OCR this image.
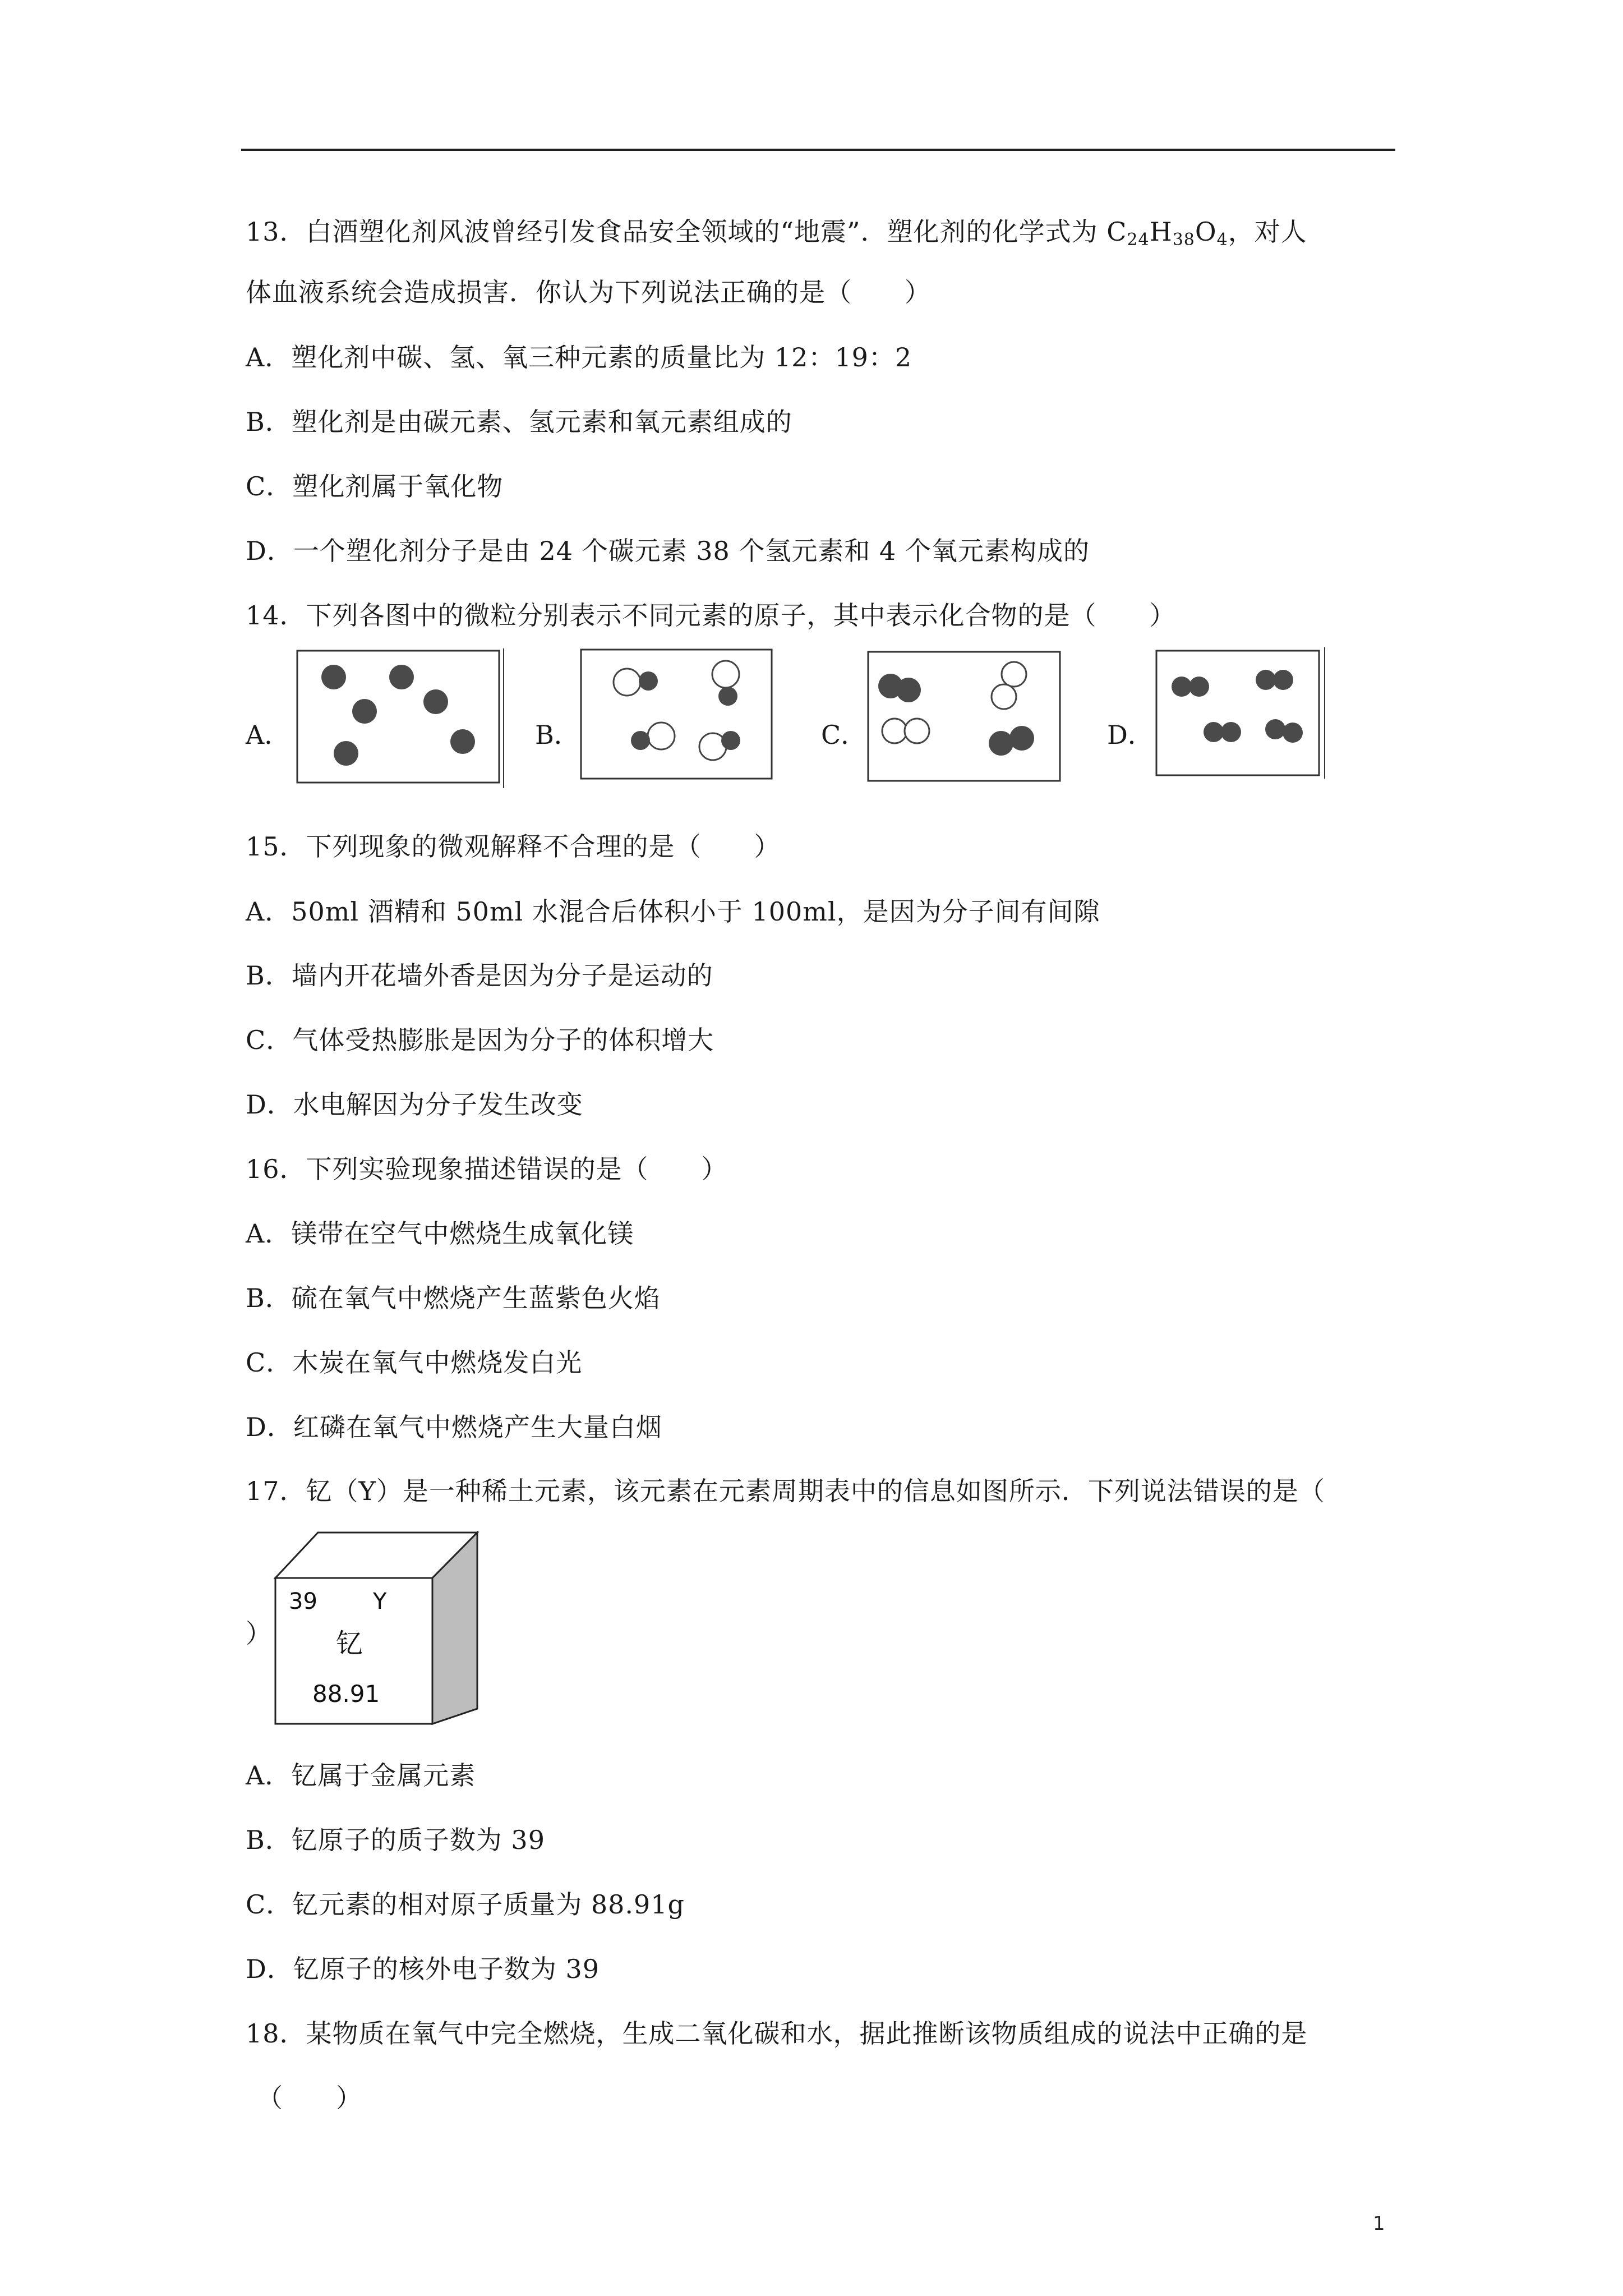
13．白酒塑化剂风波曾经引发食品安全领域的“地震”．塑化剂的化学式为 $C_{24}H_{38}O_4$，对人
体血液系统会造成损害．你认为下列说法正确的是（　　）
A．塑化剂中碳、氢、氧三种元素的质量比为 12：19：2
B．塑化剂是由碳元素、氢元素和氧元素组成的
C．塑化剂属于氧化物
D．一个塑化剂分子是由 24 个碳元素 38 个氢元素和 4 个氧元素构成的
14．下列各图中的微粒分别表示不同元素的原子，其中表示化合物的是（　　）
A．	B．	C．	D．
15．下列现象的微观解释不合理的是（　　）
A．50ml 酒精和 50ml 水混合后体积小于 100ml，是因为分子间有间隙
B．墙内开花墙外香是因为分子是运动的
C．气体受热膨胀是因为分子的体积增大
D．水电解因为分子发生改变
16．下列实验现象描述错误的是（　　）
A．镁带在空气中燃烧生成氧化镁
B．硫在氧气中燃烧产生蓝紫色火焰
C．木炭在氧气中燃烧发白光
D．红磷在氧气中燃烧产生大量白烟
17．钇（Y）是一种稀土元素，该元素在元素周期表中的信息如图所示．下列说法错误的是（
）
39 Y
钇
88.91
A．钇属于金属元素
B．钇原子的质子数为 39
C．钇元素的相对原子质量为 88.91g
D．钇原子的核外电子数为 39
18．某物质在氧气中完全燃烧，生成二氧化碳和水，据此推断该物质组成的说法中正确的是
（　　）
1
